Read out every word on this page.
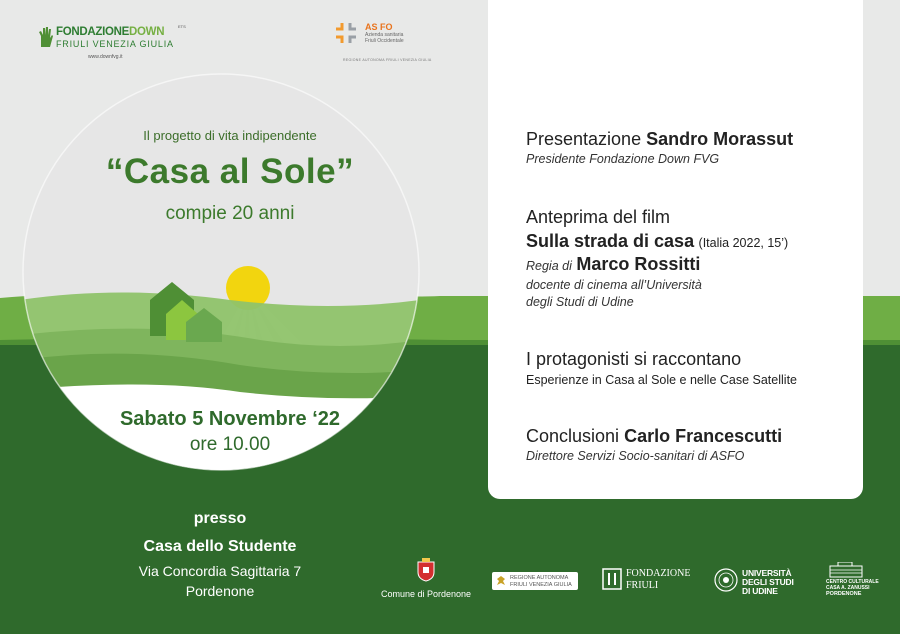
FONDAZIONEDOWN	ETS
FRIULI VENEZIA GIULIA
www.downfvg.it
AS FO
Azienda sanitaria
Friuli Occidentale
REGIONE AUTONOMA FRIULI VENEZIA GIULIA
Il progetto di vita indipendente
“Casa al Sole”
compie 20 anni
Sabato 5 Novembre ‘22
ore 10.00
presso
Casa dello Studente
Via Concordia Sagittaria 7
Pordenone
Presentazione Sandro Morassut
Presidente Fondazione Down FVG
Anteprima del film
Sulla strada di casa (Italia 2022, 15’)
Regia di Marco Rossitti
docente di cinema all’Università
degli Studi di Udine
I protagonisti si raccontano
Esperienze in Casa al Sole e nelle Case Satellite
Conclusioni Carlo Francescutti
Direttore Servizi Socio-sanitari di ASFO
Comune di Pordenone
REGIONE AUTONOMA
FRIULI VENEZIA GIULIA
FONDAZIONE
FRIULI
UNIVERSITÀ
DEGLI STUDI
DI UDINE
CENTRO CULTURALE
CASA A. ZANUSSI
PORDENONE
